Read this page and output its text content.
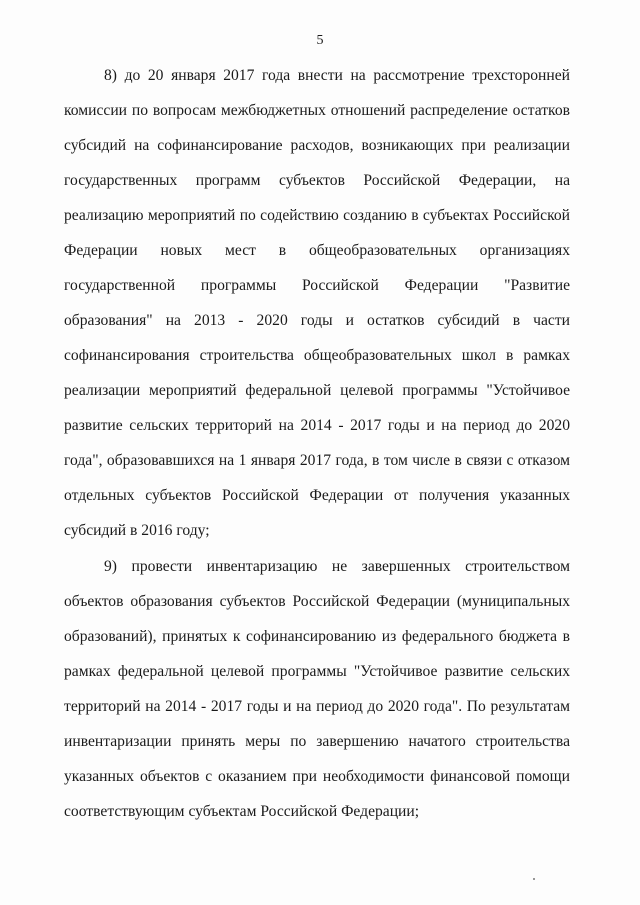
5

8) до 20 января 2017 года внести на рассмотрение трехсторонней
комиссии по вопросам межбюджетных отношений распределение остатков
субсидий на софинансирование расходов, возникающих при реализации
государственных программ субъектов Российской Федерации, на
реализацию мероприятий по содействию созданию в субъектах Российской
Федерации новых мест в общеобразовательных организациях
государственной программы Российской Федерации "Развитие
образования" на 2013 - 2020 годы и остатков субсидий в части
софинансирования строительства общеобразовательных школ в рамках
реализации мероприятий федеральной целевой программы "Устойчивое
развитие сельских территорий на 2014 - 2017 годы и на период до 2020
года", образовавшихся на 1 января 2017 года, в том числе в связи с отказом
отдельных субъектов Российской Федерации от получения указанных
субсидий в 2016 году;

9) провести инвентаризацию не завершенных строительством
объектов образования субъектов Российской Федерации (муниципальных
образований), принятых к софинансированию из федерального бюджета в
рамках федеральной целевой программы "Устойчивое развитие сельских
территорий на 2014 - 2017 годы и на период до 2020 года". По результатам
инвентаризации принять меры по завершению начатого строительства
указанных объектов с оказанием при необходимости финансовой помощи
соответствующим субъектам Российской Федерации;
